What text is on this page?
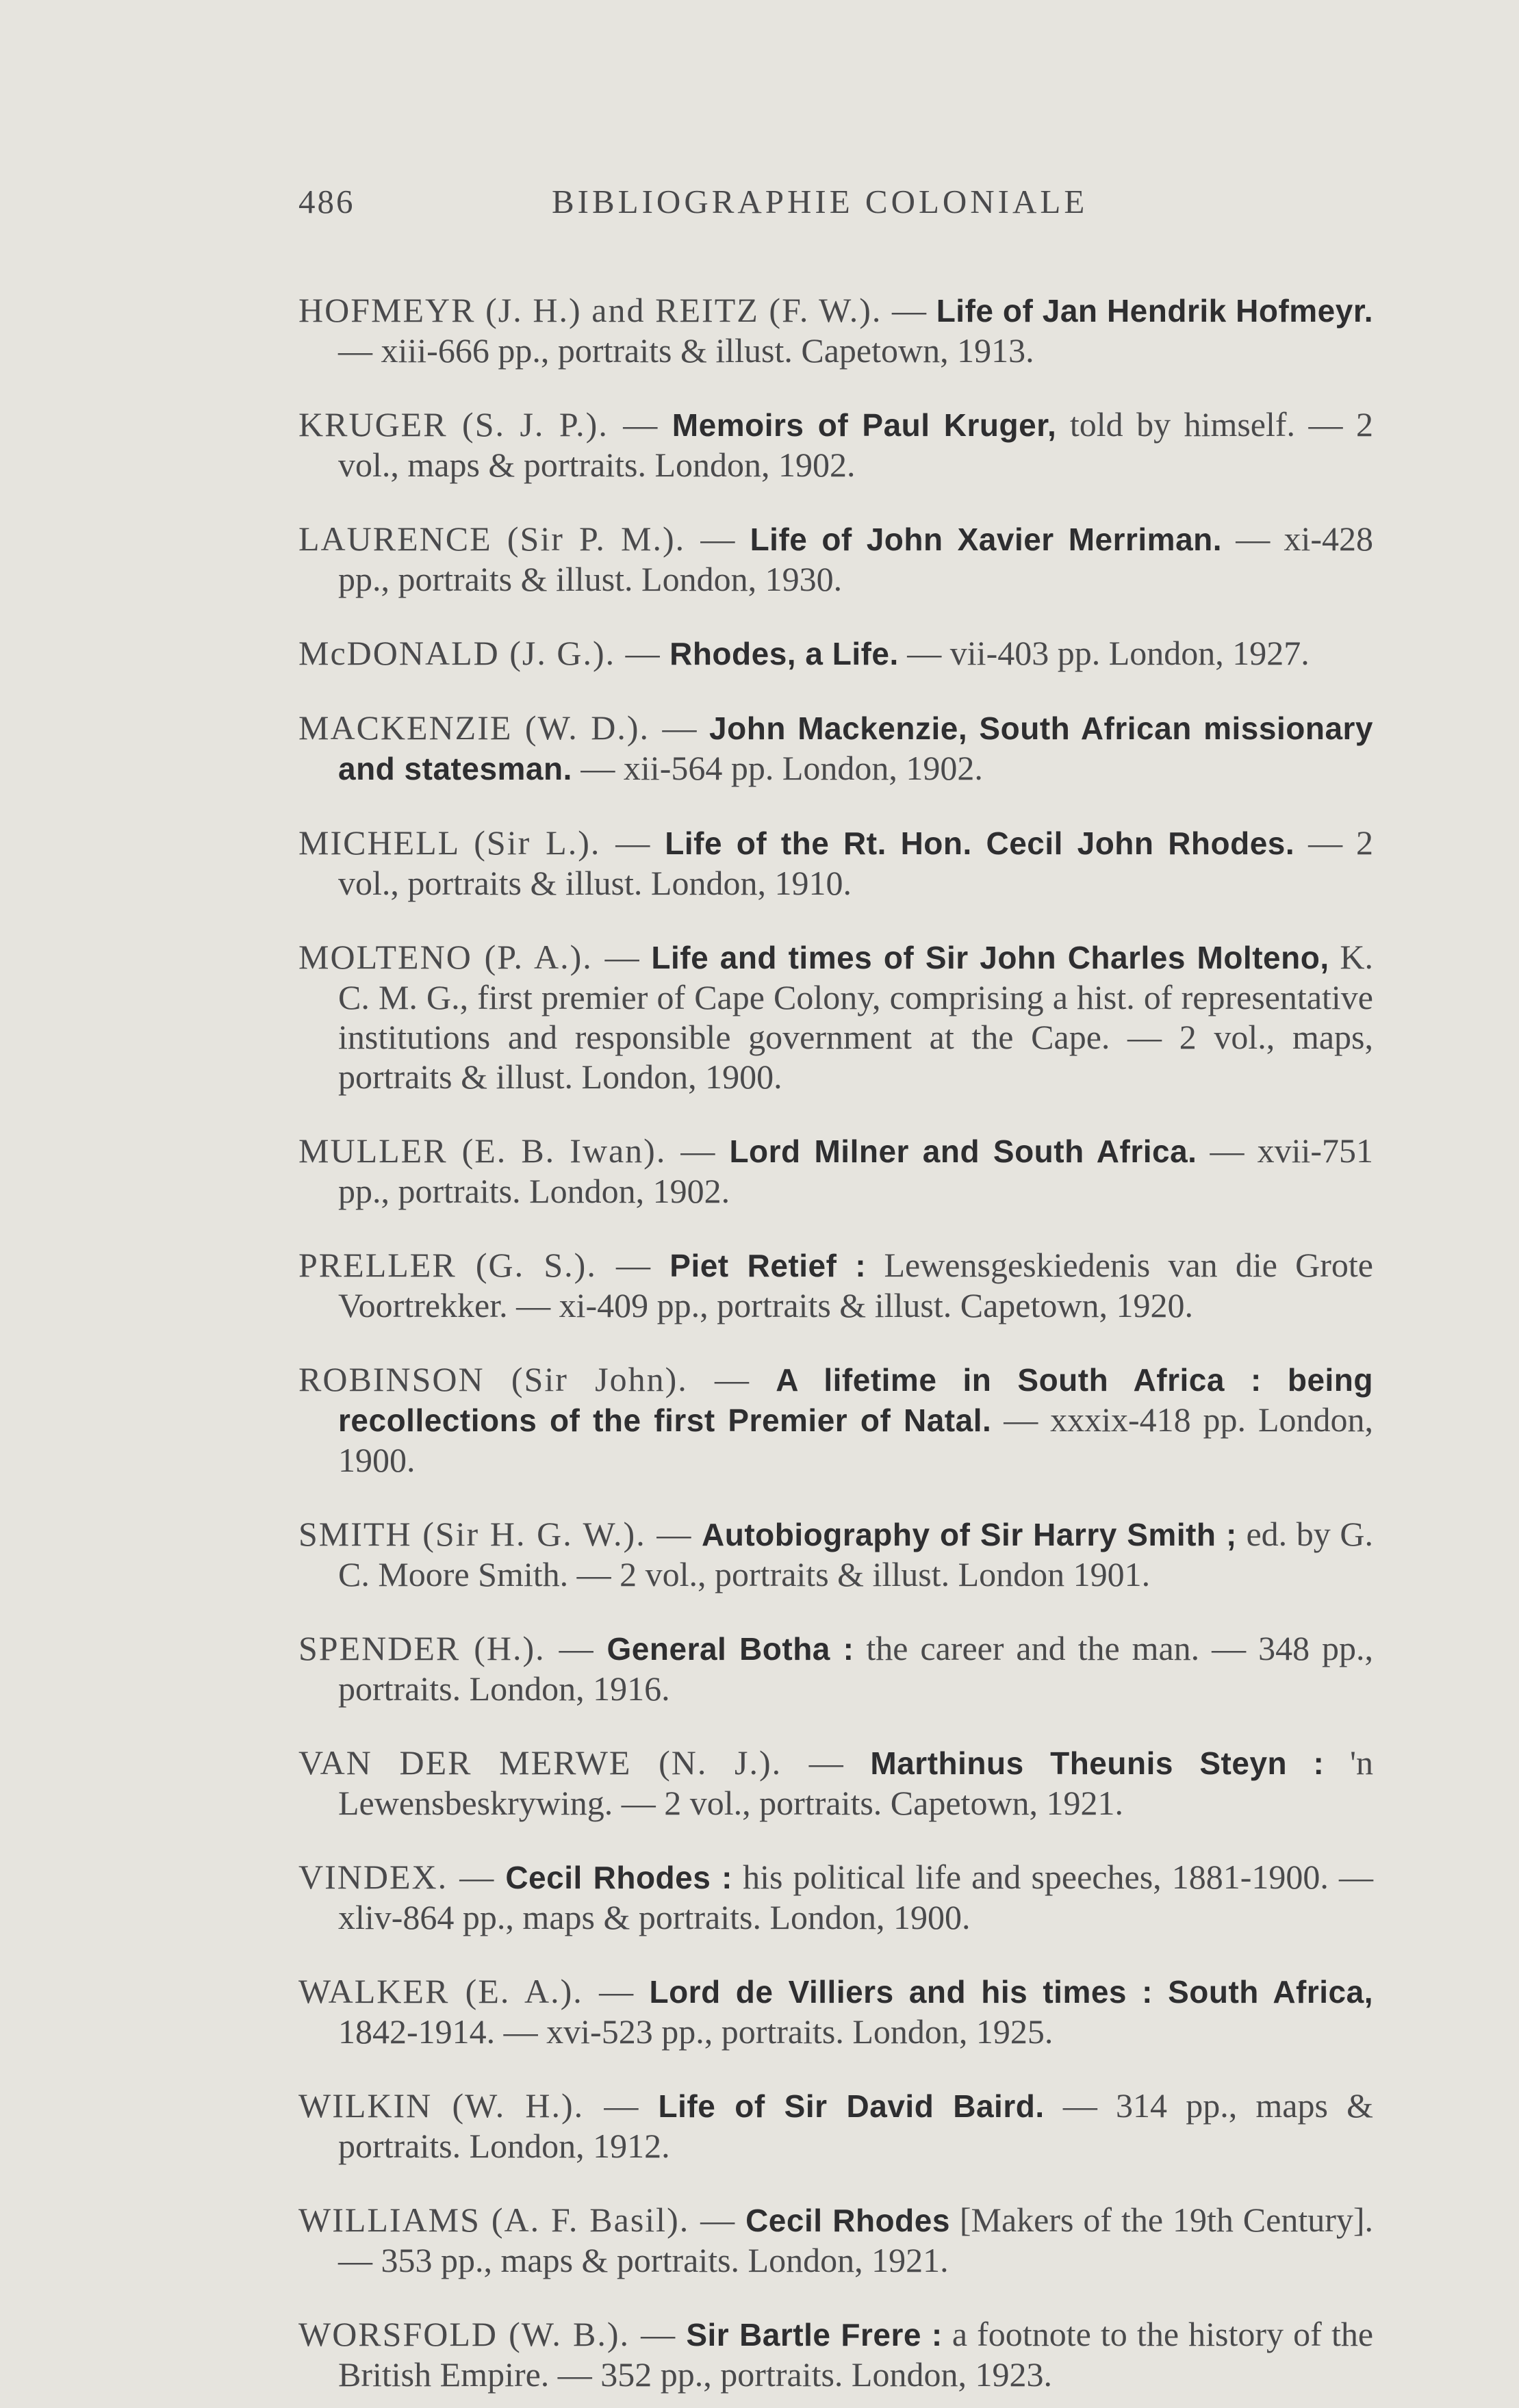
486	BIBLIOGRAPHIE COLONIALE

HOFMEYR (J. H.) and REITZ (F. W.). — Life of Jan Hendrik Hofmeyr. — xiii-666 pp., portraits & illust. Capetown, 1913.

KRUGER (S. J. P.). — Memoirs of Paul Kruger, told by himself. — 2 vol., maps & portraits. London, 1902.

LAURENCE (Sir P. M.). — Life of John Xavier Merriman. — xi-428 pp., portraits & illust. London, 1930.

McDONALD (J. G.). — Rhodes, a Life. — vii-403 pp. London, 1927.

MACKENZIE (W. D.). — John Mackenzie, South African missionary and statesman. — xii-564 pp. London, 1902.

MICHELL (Sir L.). — Life of the Rt. Hon. Cecil John Rhodes. — 2 vol., portraits & illust. London, 1910.

MOLTENO (P. A.). — Life and times of Sir John Charles Molteno, K. C. M. G., first premier of Cape Colony, comprising a hist. of representative institutions and responsible government at the Cape. — 2 vol., maps, portraits & illust. London, 1900.

MULLER (E. B. Iwan). — Lord Milner and South Africa. — xvii-751 pp., portraits. London, 1902.

PRELLER (G. S.). — Piet Retief : Lewensgeskiedenis van die Grote Voortrekker. — xi-409 pp., portraits & illust. Capetown, 1920.

ROBINSON (Sir John). — A lifetime in South Africa : being recollections of the first Premier of Natal. — xxxix-418 pp. London, 1900.

SMITH (Sir H. G. W.). — Autobiography of Sir Harry Smith ; ed. by G. C. Moore Smith. — 2 vol., portraits & illust. London 1901.

SPENDER (H.). — General Botha : the career and the man. — 348 pp., portraits. London, 1916.

VAN DER MERWE (N. J.). — Marthinus Theunis Steyn : 'n Lewensbeskrywing. — 2 vol., portraits. Capetown, 1921.

VINDEX. — Cecil Rhodes : his political life and speeches, 1881-1900. — xliv-864 pp., maps & portraits. London, 1900.

WALKER (E. A.). — Lord de Villiers and his times : South Africa, 1842-1914. — xvi-523 pp., portraits. London, 1925.

WILKIN (W. H.). — Life of Sir David Baird. — 314 pp., maps & portraits. London, 1912.

WILLIAMS (A. F. Basil). — Cecil Rhodes [Makers of the 19th Century]. — 353 pp., maps & portraits. London, 1921.

WORSFOLD (W. B.). — Sir Bartle Frere : a footnote to the history of the British Empire. — 352 pp., portraits. London, 1923.
